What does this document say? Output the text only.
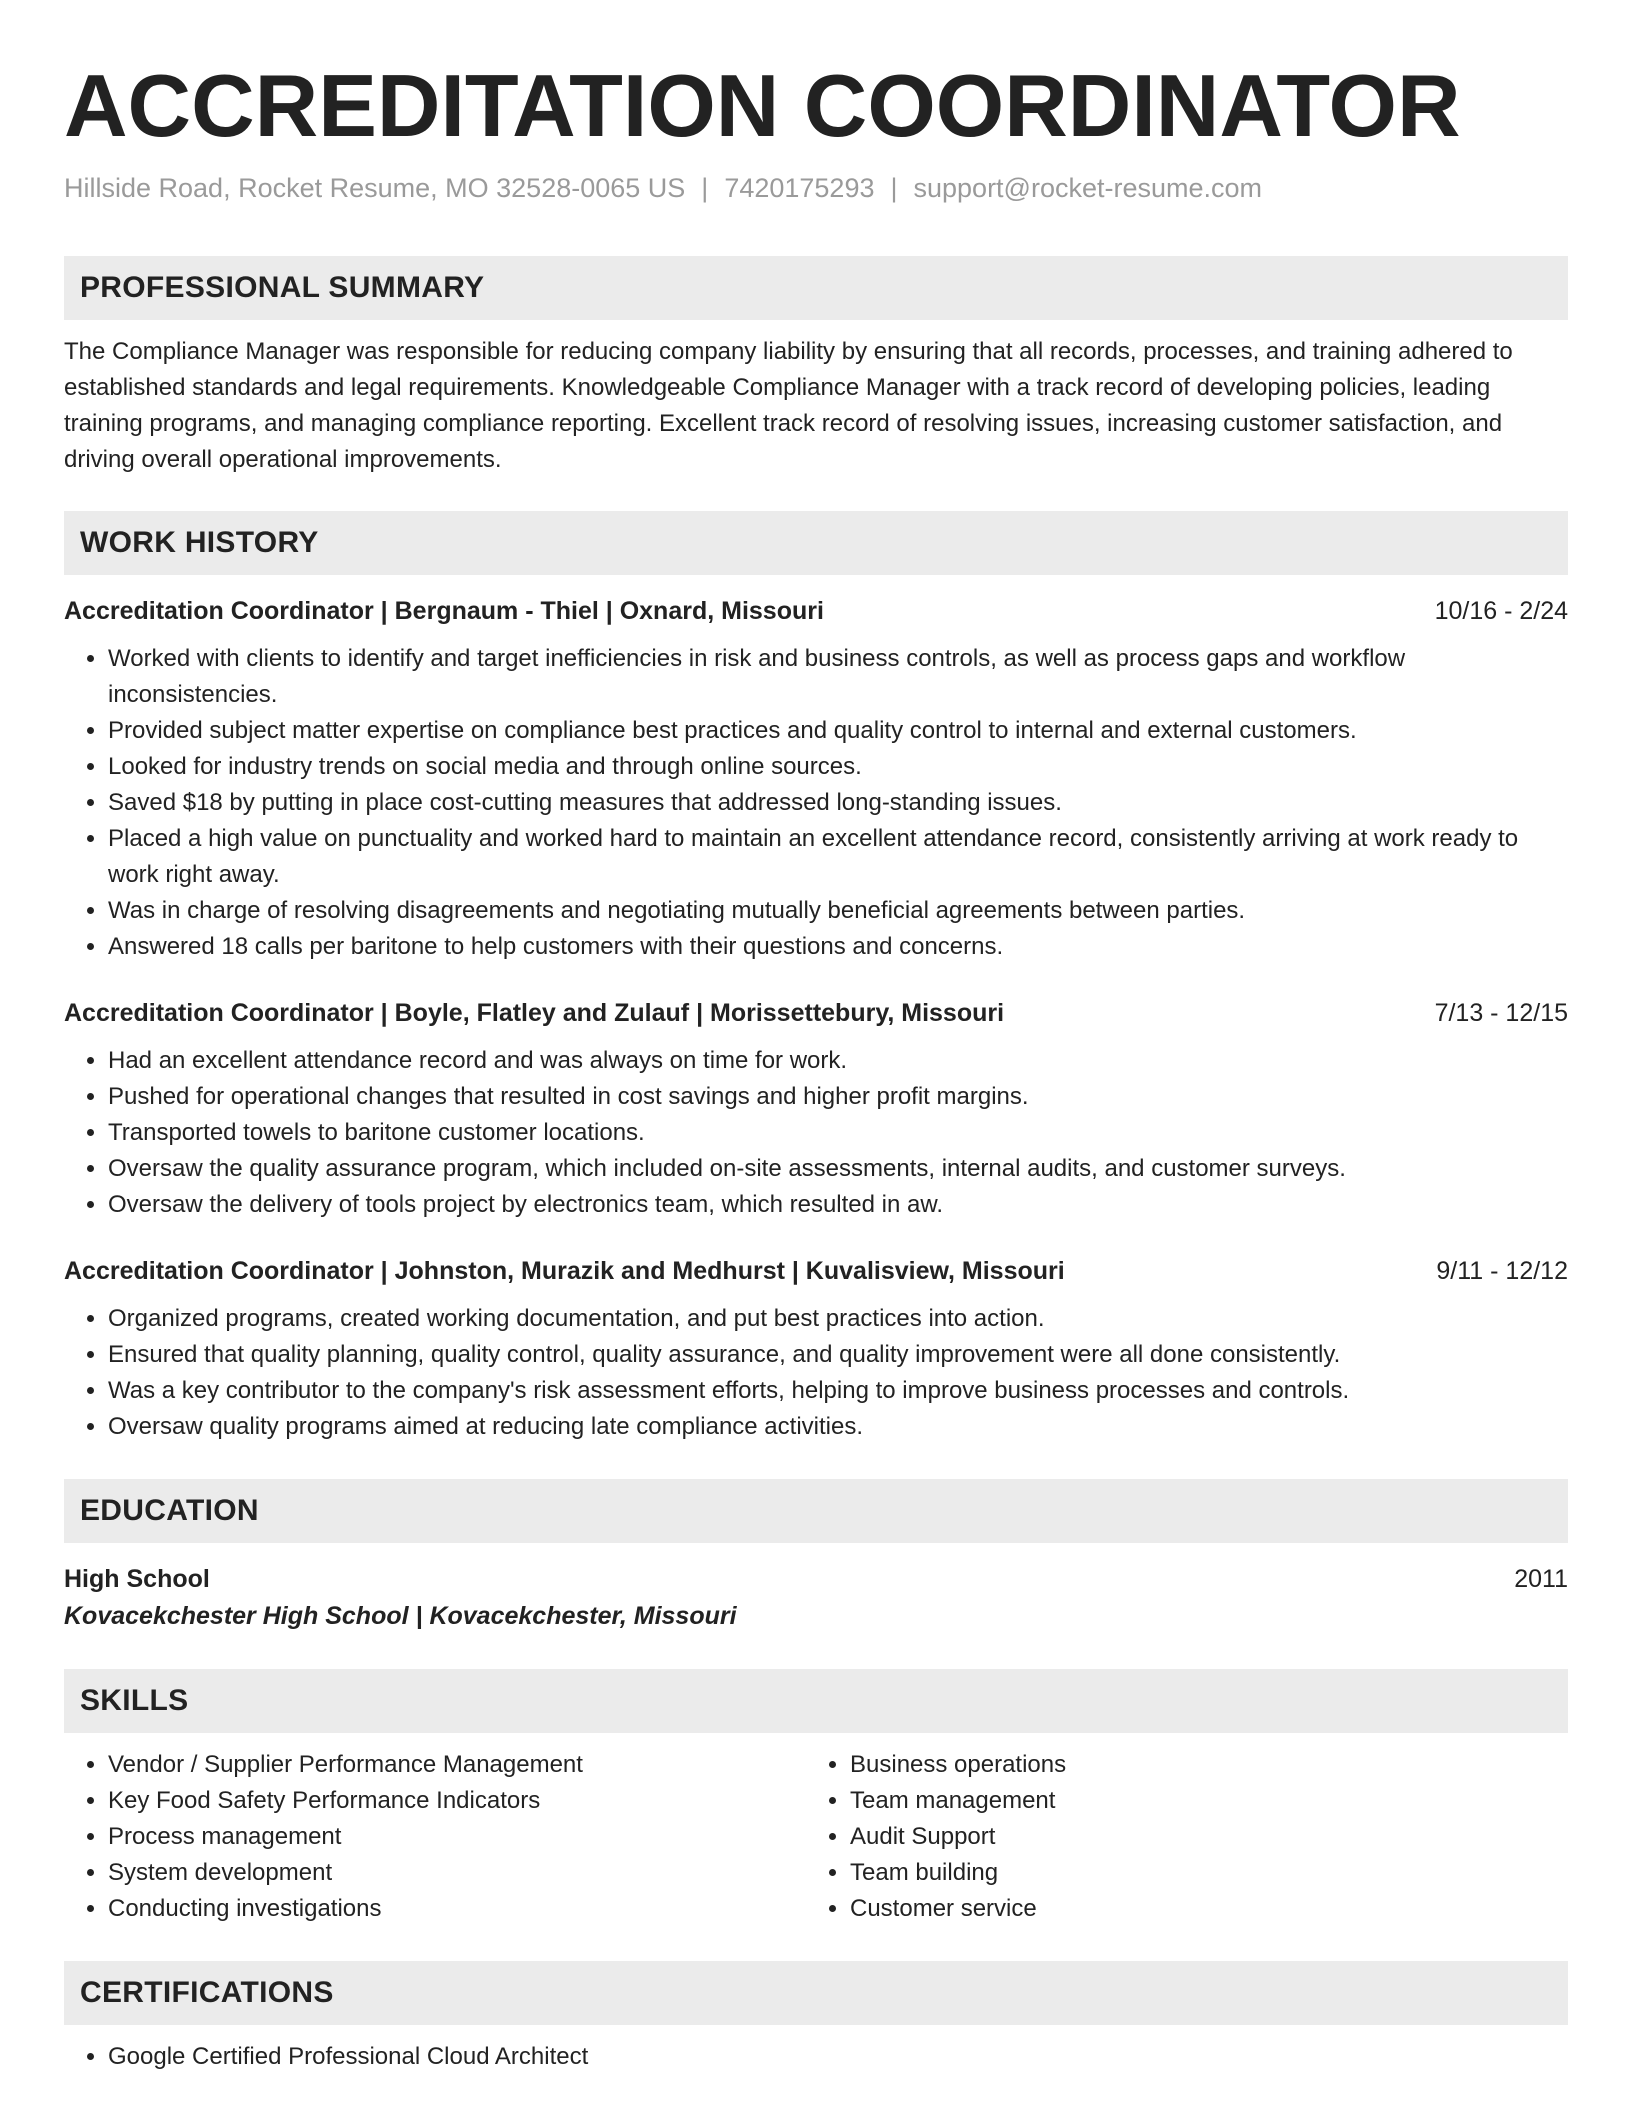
ACCREDITATION COORDINATOR
Hillside Road, Rocket Resume, MO 32528-0065 US | 7420175293 | support@rocket-resume.com
PROFESSIONAL SUMMARY
The Compliance Manager was responsible for reducing company liability by ensuring that all records, processes, and training adhered to established standards and legal requirements. Knowledgeable Compliance Manager with a track record of developing policies, leading training programs, and managing compliance reporting. Excellent track record of resolving issues, increasing customer satisfaction, and driving overall operational improvements.
WORK HISTORY
Accreditation Coordinator | Bergnaum - Thiel | Oxnard, Missouri	10/16 - 2/24
• Worked with clients to identify and target inefficiencies in risk and business controls, as well as process gaps and workflow inconsistencies.
• Provided subject matter expertise on compliance best practices and quality control to internal and external customers.
• Looked for industry trends on social media and through online sources.
• Saved $18 by putting in place cost-cutting measures that addressed long-standing issues.
• Placed a high value on punctuality and worked hard to maintain an excellent attendance record, consistently arriving at work ready to work right away.
• Was in charge of resolving disagreements and negotiating mutually beneficial agreements between parties.
• Answered 18 calls per baritone to help customers with their questions and concerns.
Accreditation Coordinator | Boyle, Flatley and Zulauf | Morissettebury, Missouri	7/13 - 12/15
• Had an excellent attendance record and was always on time for work.
• Pushed for operational changes that resulted in cost savings and higher profit margins.
• Transported towels to baritone customer locations.
• Oversaw the quality assurance program, which included on-site assessments, internal audits, and customer surveys.
• Oversaw the delivery of tools project by electronics team, which resulted in aw.
Accreditation Coordinator | Johnston, Murazik and Medhurst | Kuvalisview, Missouri	9/11 - 12/12
• Organized programs, created working documentation, and put best practices into action.
• Ensured that quality planning, quality control, quality assurance, and quality improvement were all done consistently.
• Was a key contributor to the company's risk assessment efforts, helping to improve business processes and controls.
• Oversaw quality programs aimed at reducing late compliance activities.
EDUCATION
High School	2011
Kovacekchester High School | Kovacekchester, Missouri
SKILLS
• Vendor / Supplier Performance Management
• Key Food Safety Performance Indicators
• Process management
• System development
• Conducting investigations
• Business operations
• Team management
• Audit Support
• Team building
• Customer service
CERTIFICATIONS
• Google Certified Professional Cloud Architect
